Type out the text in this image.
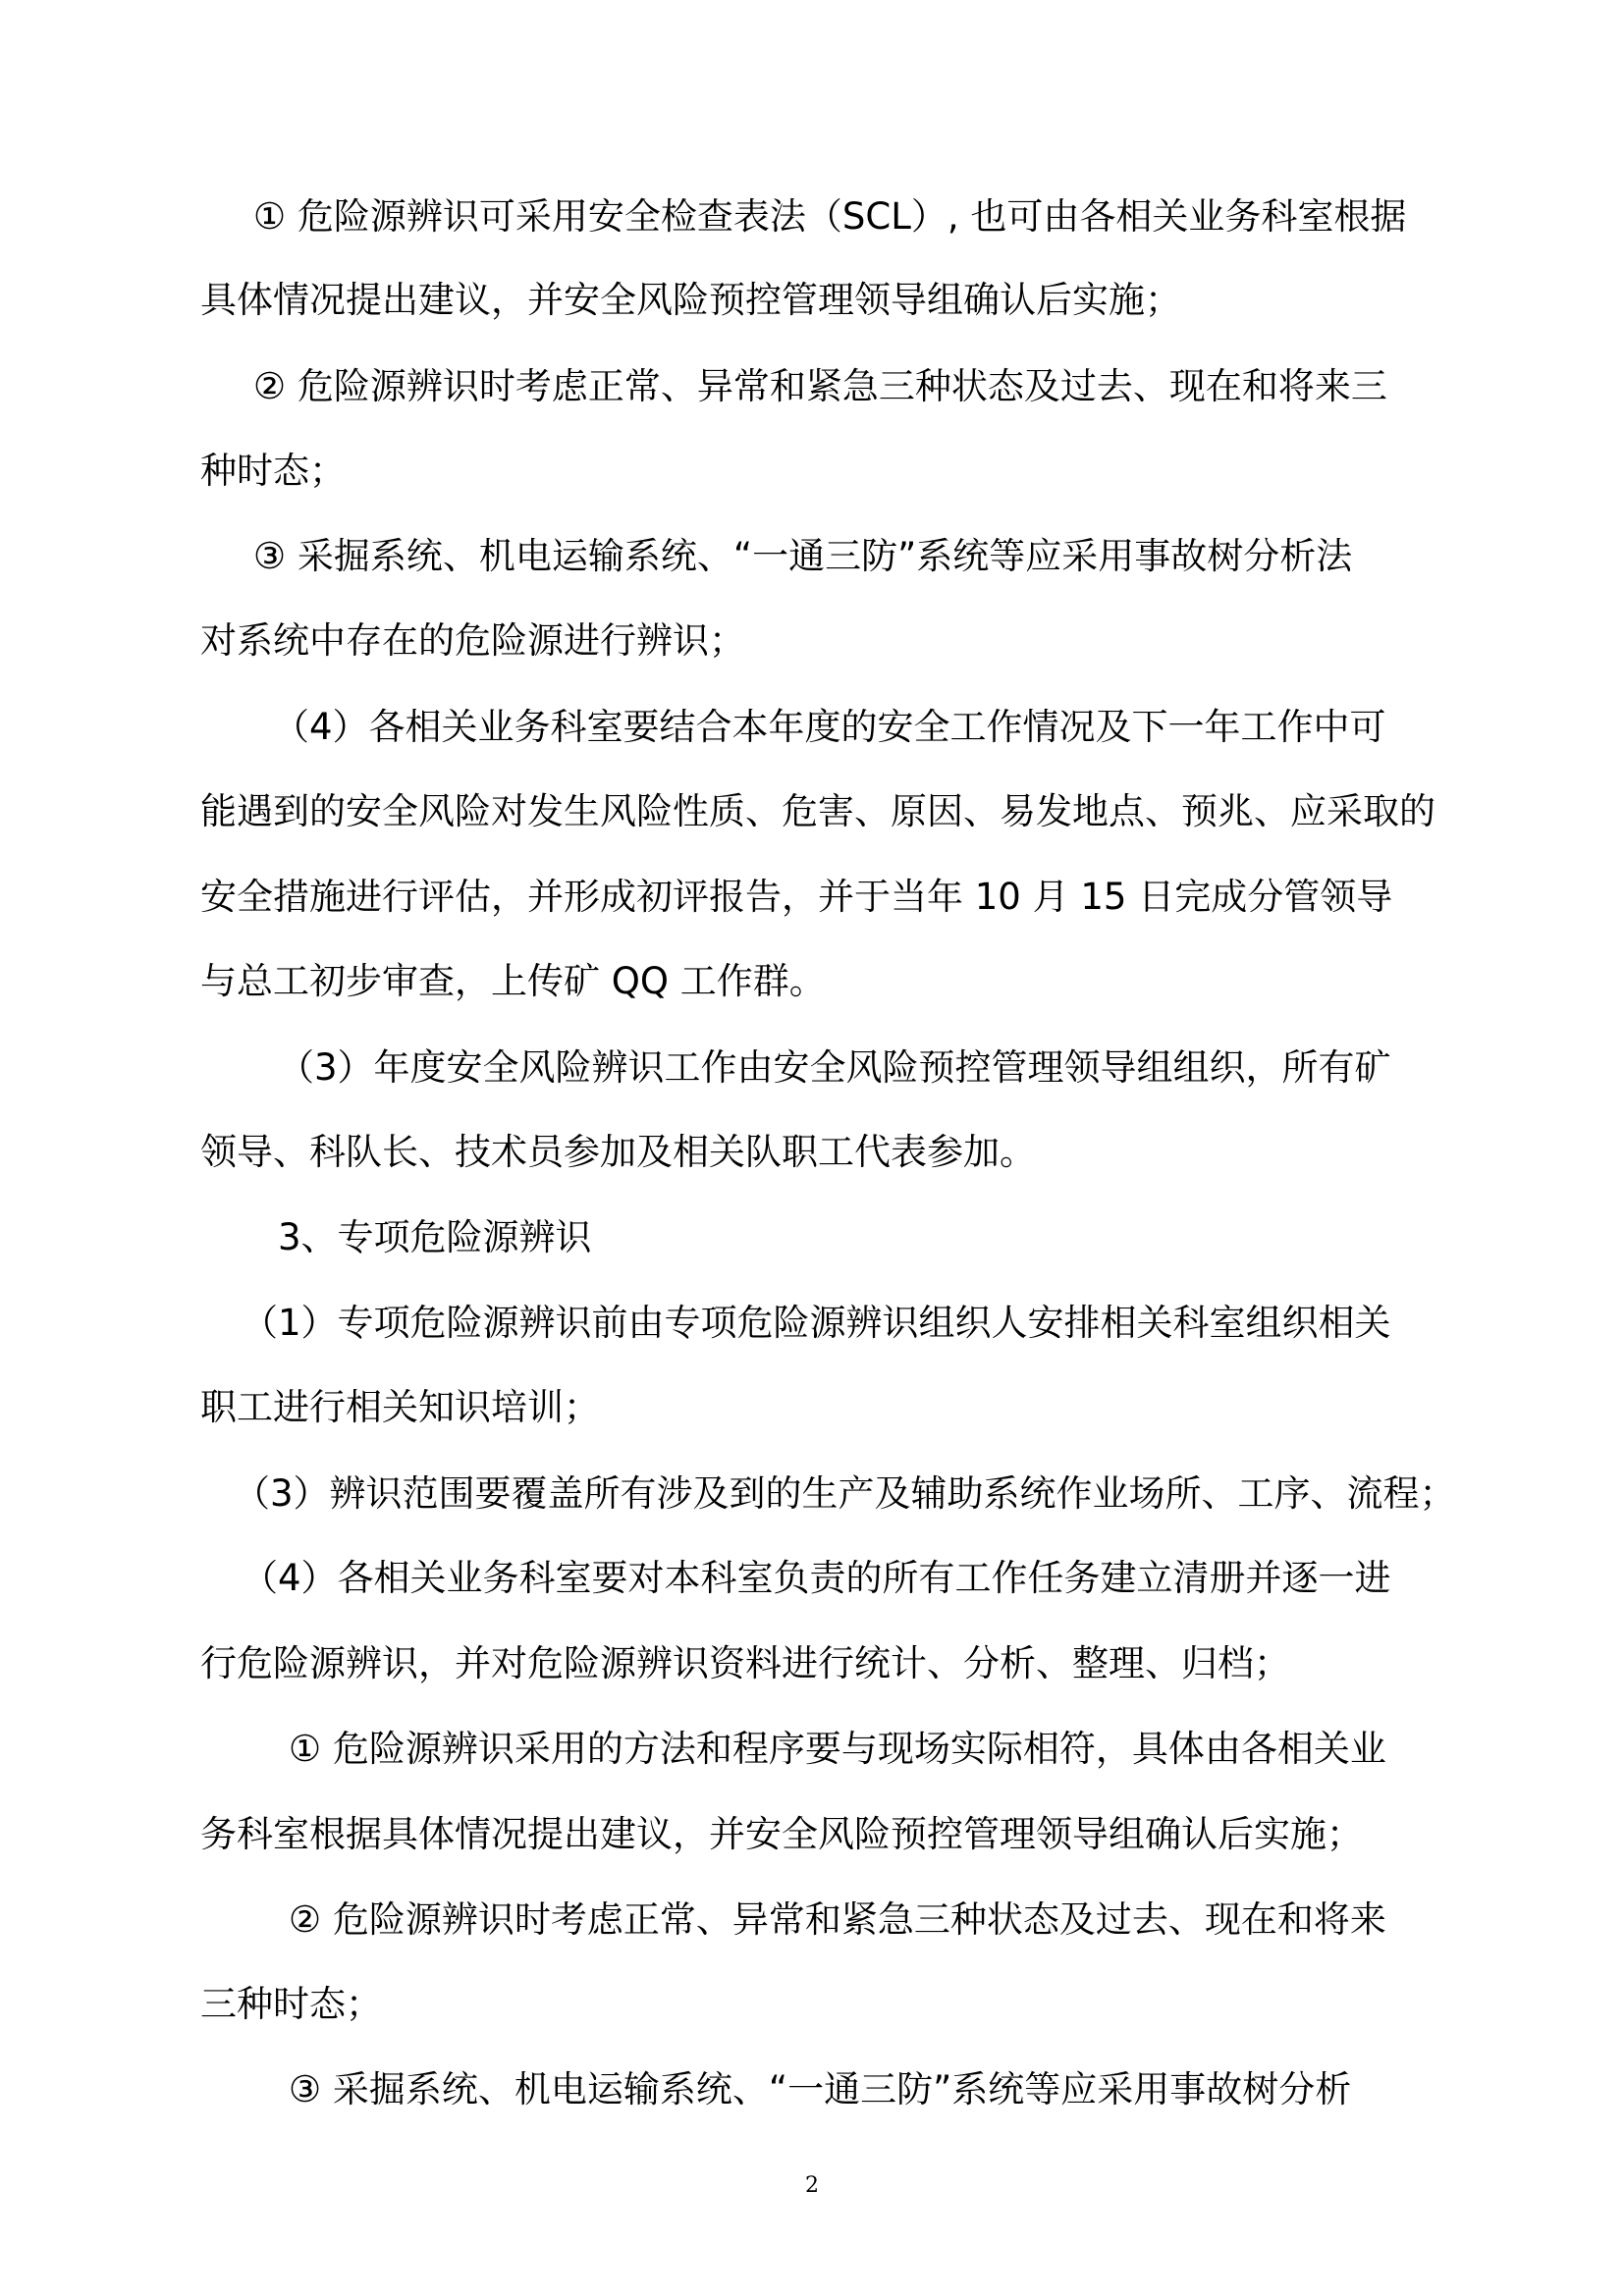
① 危险源辨识可采用安全检查表法（SCL）, 也可由各相关业务科室根据
具体情况提出建议，并安全风险预控管理领导组确认后实施；
② 危险源辨识时考虑正常、异常和紧急三种状态及过去、现在和将来三
种时态；
③ 采掘系统、机电运输系统、“一通三防”系统等应采用事故树分析法
对系统中存在的危险源进行辨识；
（4）各相关业务科室要结合本年度的安全工作情况及下一年工作中可
能遇到的安全风险对发生风险性质、危害、原因、易发地点、预兆、应采取的
安全措施进行评估，并形成初评报告，并于当年 10 月 15 日完成分管领导
与总工初步审查，上传矿 QQ 工作群。
（3）年度安全风险辨识工作由安全风险预控管理领导组组织，所有矿
领导、科队长、技术员参加及相关队职工代表参加。
3、专项危险源辨识
（1）专项危险源辨识前由专项危险源辨识组织人安排相关科室组织相关
职工进行相关知识培训；
（3）辨识范围要覆盖所有涉及到的生产及辅助系统作业场所、工序、流程；
（4）各相关业务科室要对本科室负责的所有工作任务建立清册并逐一进
行危险源辨识，并对危险源辨识资料进行统计、分析、整理、归档；
① 危险源辨识采用的方法和程序要与现场实际相符，具体由各相关业
务科室根据具体情况提出建议，并安全风险预控管理领导组确认后实施；
② 危险源辨识时考虑正常、异常和紧急三种状态及过去、现在和将来
三种时态；
③ 采掘系统、机电运输系统、“一通三防”系统等应采用事故树分析
2
